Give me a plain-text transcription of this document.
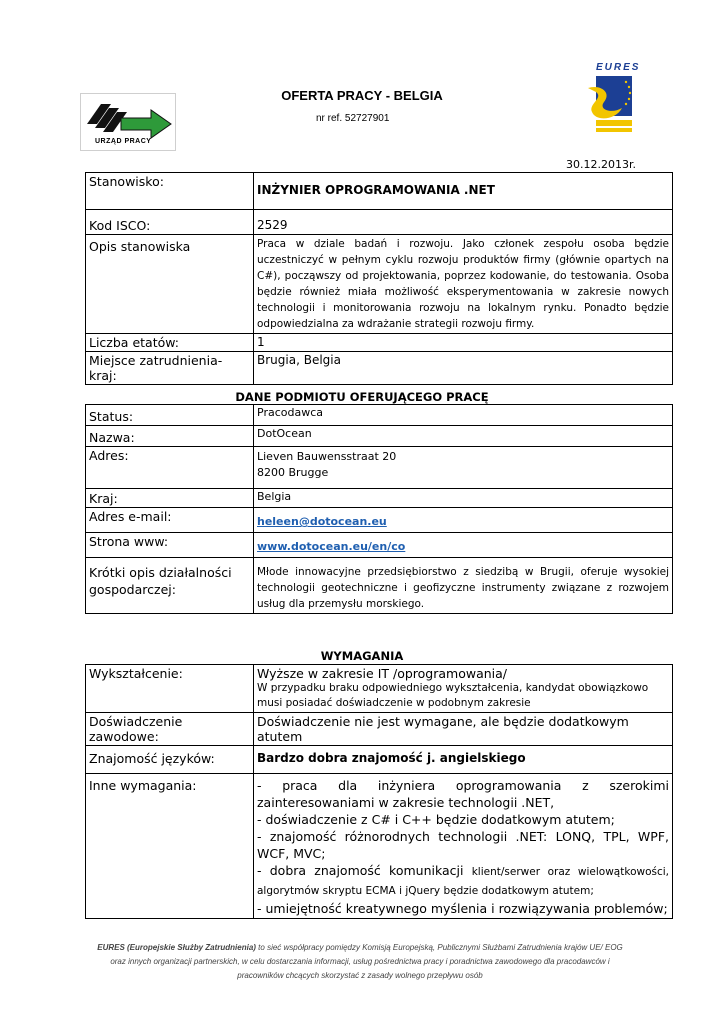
URZĄD PRACY
EURES
OFERTA PRACY - BELGIA
nr ref. 52727901
30.12.2013r.
Stanowisko:	INŻYNIER OPROGRAMOWANIA .NET
Kod ISCO:	2529
Opis stanowiska	Praca w dziale badań i rozwoju. Jako członek zespołu osoba będzie uczestniczyć w pełnym cyklu rozwoju produktów firmy (głównie opartych na C#), począwszy od projektowania, poprzez kodowanie, do testowania. Osoba będzie również miała możliwość eksperymentowania w zakresie nowych technologii i monitorowania rozwoju na lokalnym rynku. Ponadto będzie odpowiedzialna za wdrażanie strategii rozwoju firmy.
Liczba etatów:	1
Miejsce zatrudnienia- kraj:	Brugia, Belgia
DANE PODMIOTU OFERUJĄCEGO PRACĘ
Status:	Pracodawca
Nazwa:	DotOcean
Adres:	Lieven Bauwensstraat 20
8200 Brugge

Kraj:	Belgia
Adres e-mail:	heleen@dotocean.eu
Strona www:	www.dotocean.eu/en/co
Krótki opis działalności gospodarczej:	Młode innowacyjne przedsiębiorstwo z siedzibą w Brugii, oferuje wysokiej technologii geotechniczne i geofizyczne instrumenty związane z rozwojem usług dla przemysłu morskiego.
WYMAGANIA
Wykształcenie:	Wyższe w zakresie IT /oprogramowania/
W przypadku braku odpowiedniego wykształcenia, kandydat obowiązkowo musi posiadać doświadczenie w podobnym zakresie

Doświadczenie zawodowe:	Doświadczenie nie jest wymagane, ale będzie dodatkowym atutem
Znajomość języków:	Bardzo dobra znajomość j. angielskiego
Inne wymagania:	- praca dla inżyniera oprogramowania z szerokimi zainteresowaniami w zakresie technologii .NET,
- doświadczenie z C# i C++ będzie dodatkowym atutem;
- znajomość różnorodnych technologii .NET: LONQ, TPL, WPF, WCF, MVC;
- dobra znajomość komunikacji klient/serwer oraz wielowątkowości, algorytmów skryptu ECMA i jQuery będzie dodatkowym atutem;
- umiejętność kreatywnego myślenia i rozwiązywania problemów;
EURES (Europejskie Służby Zatrudnienia) to sieć współpracy pomiędzy Komisją Europejską, Publicznymi Służbami Zatrudnienia krajów UE/ EOG
oraz innych organizacji partnerskich, w celu dostarczania informacji, usług pośrednictwa pracy i poradnictwa zawodowego dla pracodawców i
pracowników chcących skorzystać z zasady wolnego przepływu osób
